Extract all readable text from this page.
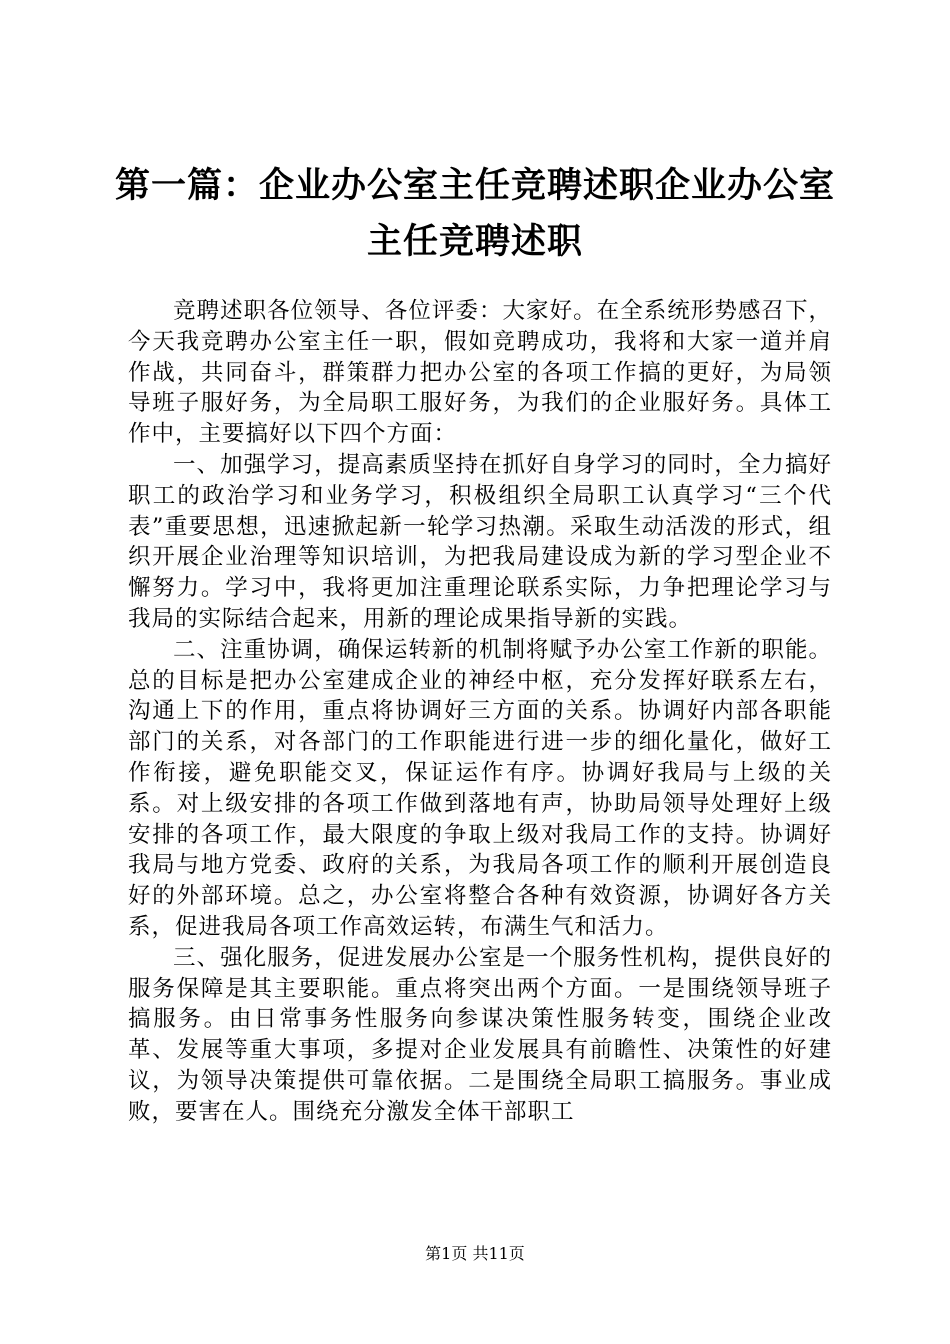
第一篇：企业办公室主任竞聘述职企业办公室主任竞聘述职

竞聘述职各位领导、各位评委：大家好。在全系统形势感召下，今天我竞聘办公室主任一职，假如竞聘成功，我将和大家一道并肩作战，共同奋斗，群策群力把办公室的各项工作搞的更好，为局领导班子服好务，为全局职工服好务，为我们的企业服好务。具体工作中，主要搞好以下四个方面：

一、加强学习，提高素质坚持在抓好自身学习的同时，全力搞好职工的政治学习和业务学习，积极组织全局职工认真学习“三个代表”重要思想，迅速掀起新一轮学习热潮。采取生动活泼的形式，组织开展企业治理等知识培训，为把我局建设成为新的学习型企业不懈努力。学习中，我将更加注重理论联系实际，力争把理论学习与我局的实际结合起来，用新的理论成果指导新的实践。

二、注重协调，确保运转新的机制将赋予办公室工作新的职能。总的目标是把办公室建成企业的神经中枢，充分发挥好联系左右，沟通上下的作用，重点将协调好三方面的关系。协调好内部各职能部门的关系，对各部门的工作职能进行进一步的细化量化，做好工作衔接，避免职能交叉，保证运作有序。协调好我局与上级的关系。对上级安排的各项工作做到落地有声，协助局领导处理好上级安排的各项工作，最大限度的争取上级对我局工作的支持。协调好我局与地方党委、政府的关系，为我局各项工作的顺利开展创造良好的外部环境。总之，办公室将整合各种有效资源，协调好各方关系，促进我局各项工作高效运转，布满生气和活力。

三、强化服务，促进发展办公室是一个服务性机构，提供良好的服务保障是其主要职能。重点将突出两个方面。一是围绕领导班子搞服务。由日常事务性服务向参谋决策性服务转变，围绕企业改革、发展等重大事项，多提对企业发展具有前瞻性、决策性的好建议，为领导决策提供可靠依据。二是围绕全局职工搞服务。事业成败，要害在人。围绕充分激发全体干部职工

第1页 共11页
